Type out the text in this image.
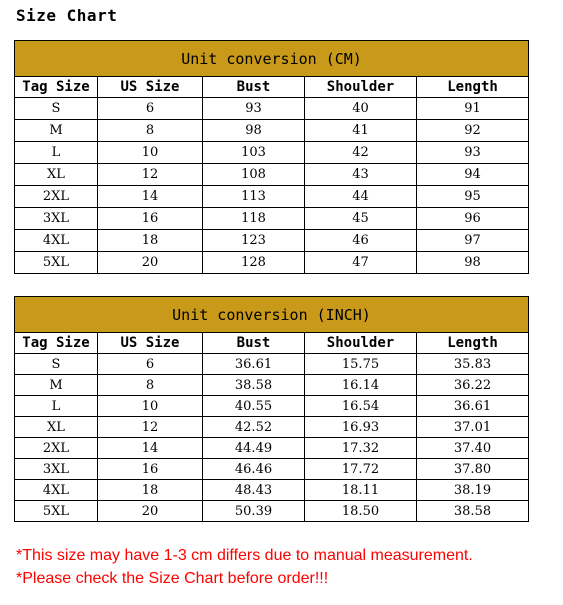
Size Chart
Unit conversion (CM)				
Tag Size	US Size	Bust	Shoulder	Length
S	6	93	40	91
M	8	98	41	92
L	10	103	42	93
XL	12	108	43	94
2XL	14	113	44	95
3XL	16	118	45	96
4XL	18	123	46	97
5XL	20	128	47	98
Unit conversion (INCH)				
Tag Size	US Size	Bust	Shoulder	Length
S	6	36.61	15.75	35.83
M	8	38.58	16.14	36.22
L	10	40.55	16.54	36.61
XL	12	42.52	16.93	37.01
2XL	14	44.49	17.32	37.40
3XL	16	46.46	17.72	37.80
4XL	18	48.43	18.11	38.19
5XL	20	50.39	18.50	38.58
*This size may have 1-3 cm differs due to manual measurement.
*Please check the Size Chart before order!!!
